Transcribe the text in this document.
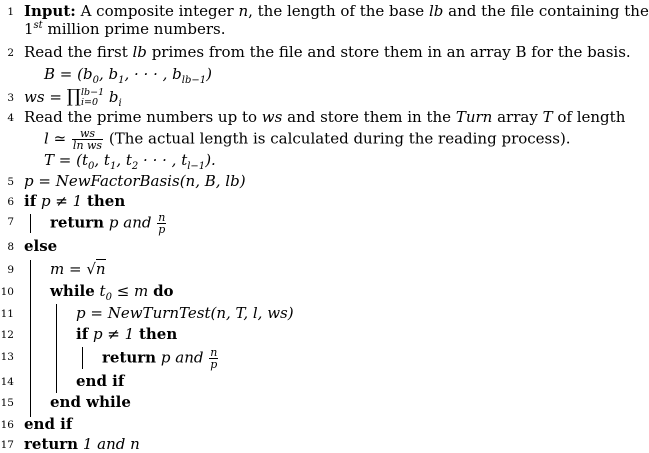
1
2
3
4
5
6
7
8
9
10
11
12
13
14
15
16
17
Input: A composite integer n, the length of the base lb and the file containing the
1st million prime numbers.
Read the first lb primes from the file and store them in an array B for the basis.
$B = (b_0$, $b_1$, · · · , $b_{lb-1}$)
ws = ∏ lb−1
i=0 $b_i$
Read the prime numbers up to ws and store them in the Turn array T of length
l ≃ $\frac{ws}{\text{ln ws}} (The$ actual length is calculated during the reading process).
$T = (t_0$, $t_1$, $t_2$ · · · , $t_{l-1}$).
p = NewFactorBasis(n, B, lb)
if p ≠ 1 then
return p and $\frac{n}{p}$
else
m = √n
while $t_0 \le m$ do
p = NewTurnTest(n, T, l, ws)
if p ≠ 1 then
return p and $\frac{n}{p}$
end if
end while
end if
return 1 and n
